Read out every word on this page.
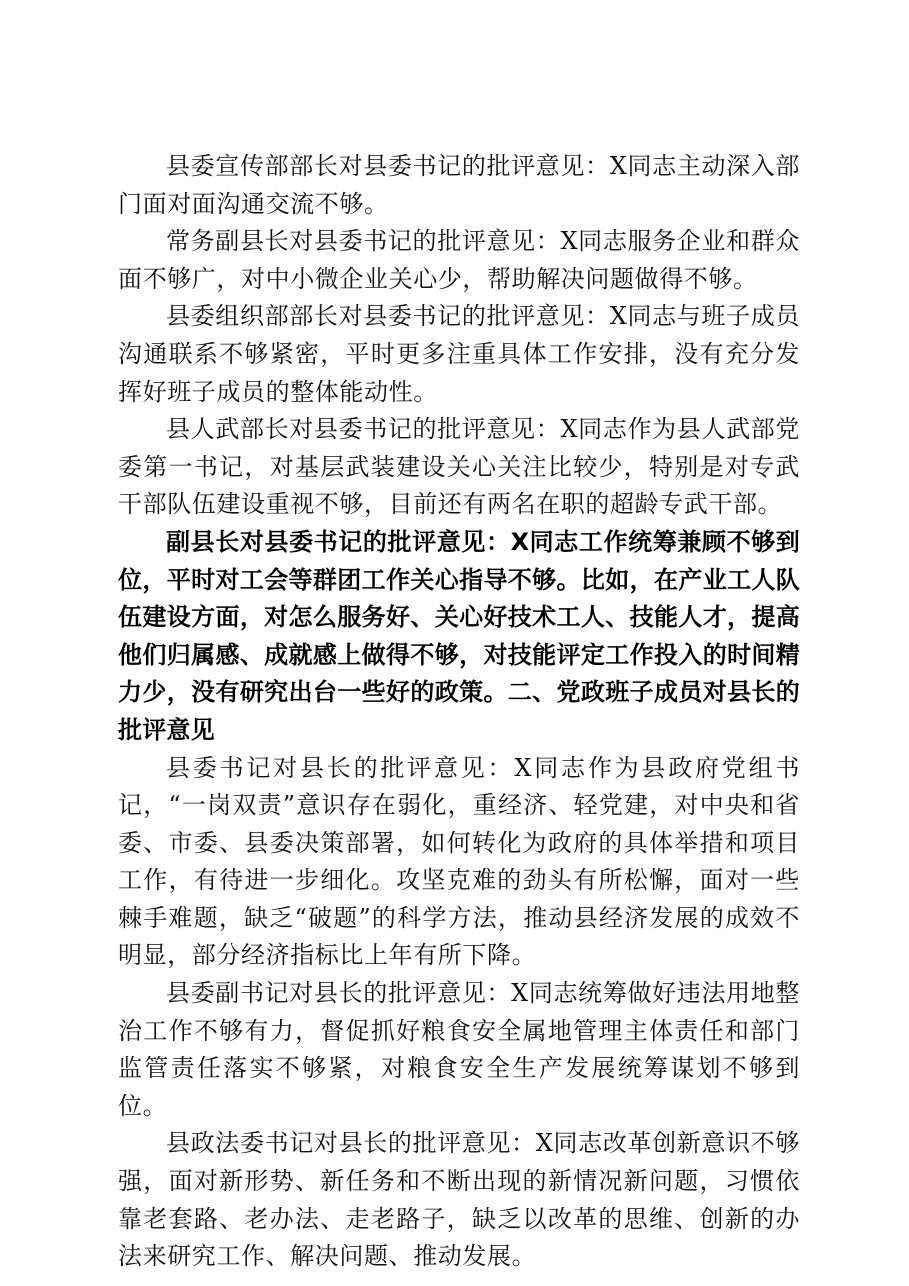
县委宣传部部长对县委书记的批评意见：X同志主动深入部门面对面沟通交流不够。

常务副县长对县委书记的批评意见：X同志服务企业和群众面不够广，对中小微企业关心少，帮助解决问题做得不够。

县委组织部部长对县委书记的批评意见：X同志与班子成员沟通联系不够紧密，平时更多注重具体工作安排，没有充分发挥好班子成员的整体能动性。

县人武部长对县委书记的批评意见：X同志作为县人武部党委第一书记，对基层武装建设关心关注比较少，特别是对专武干部队伍建设重视不够，目前还有两名在职的超龄专武干部。

副县长对县委书记的批评意见：X同志工作统筹兼顾不够到位，平时对工会等群团工作关心指导不够。比如，在产业工人队伍建设方面，对怎么服务好、关心好技术工人、技能人才，提高他们归属感、成就感上做得不够，对技能评定工作投入的时间精力少，没有研究出台一些好的政策。二、党政班子成员对县长的批评意见

县委书记对县长的批评意见：X同志作为县政府党组书记，“一岗双责”意识存在弱化，重经济、轻党建，对中央和省委、市委、县委决策部署，如何转化为政府的具体举措和项目工作，有待进一步细化。攻坚克难的劲头有所松懈，面对一些棘手难题，缺乏“破题”的科学方法，推动县经济发展的成效不明显，部分经济指标比上年有所下降。

县委副书记对县长的批评意见：X同志统筹做好违法用地整治工作不够有力，督促抓好粮食安全属地管理主体责任和部门监管责任落实不够紧，对粮食安全生产发展统筹谋划不够到位。

县政法委书记对县长的批评意见：X同志改革创新意识不够强，面对新形势、新任务和不断出现的新情况新问题，习惯依靠老套路、老办法、走老路子，缺乏以改革的思维、创新的办法来研究工作、解决问题、推动发展。
